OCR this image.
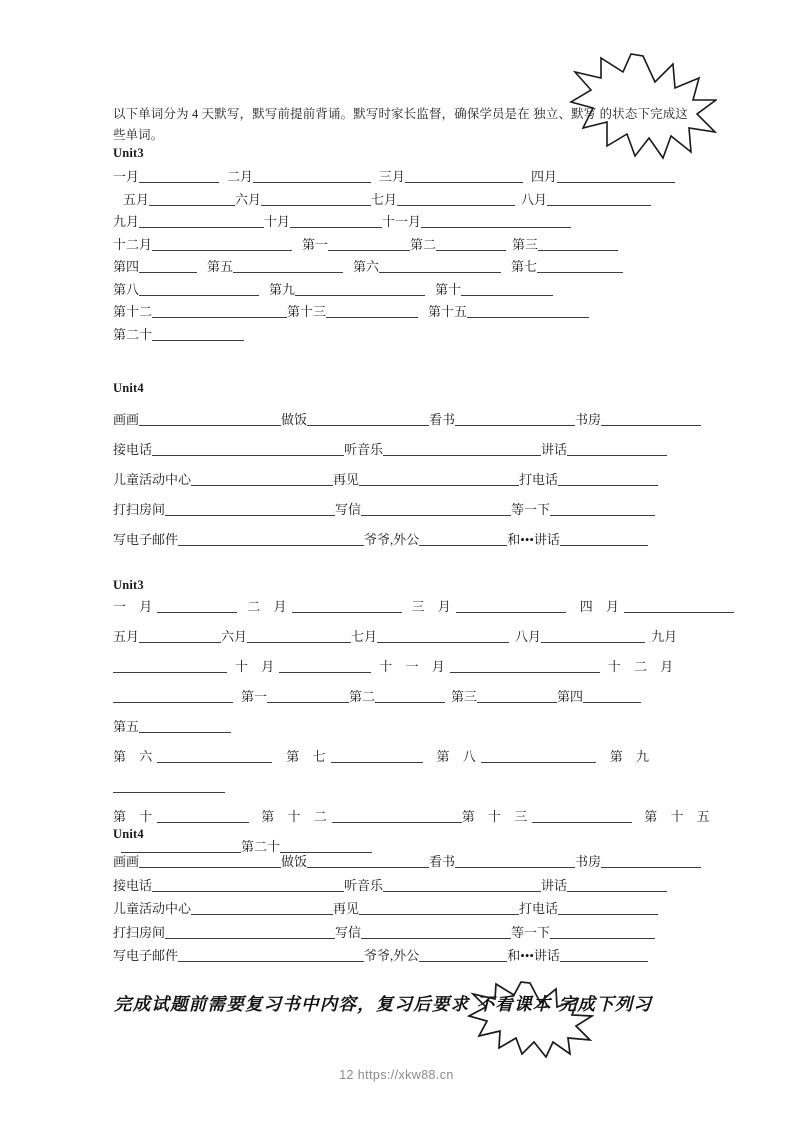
以下单词分为 4 天默写，默写前提前背诵。默写时家长监督，确保学员是在 独立、默写 的状态下完成这些单词。

Unit3
一月	二月	三月	四月
五月	六月	七月	八月
九月	十月	十一月
十二月	第一	第二	第三
第四	第五	第六	第七
第八	第九	第十
第十二	第十三	第十五
第二十
Unit4
画画	做饭	看书	书房
接电话	听音乐	讲话
儿童活动中心	再见	打电话
打扫房间	写信	等一下
写电子邮件	爷爷,外公	和•••讲话
Unit3
一 月	二 月	三 月	四 月
五月	六月	七月	八月	九月
十 月	十 一 月	十 二 月
第一	第二	第三	第四
第五
第 六	第 七	第 八	第 九
第 十	第 十 二	第 十 三	第 十 五
第二十
Unit4
画画	做饭	看书	书房
接电话	听音乐	讲话
儿童活动中心	再见	打电话
打扫房间	写信	等一下
写电子邮件	爷爷,外公	和•••讲话
完成试题前需要复习书中内容，复习后要求 不看课本 完成下列习
12 https://xkw88.cn
